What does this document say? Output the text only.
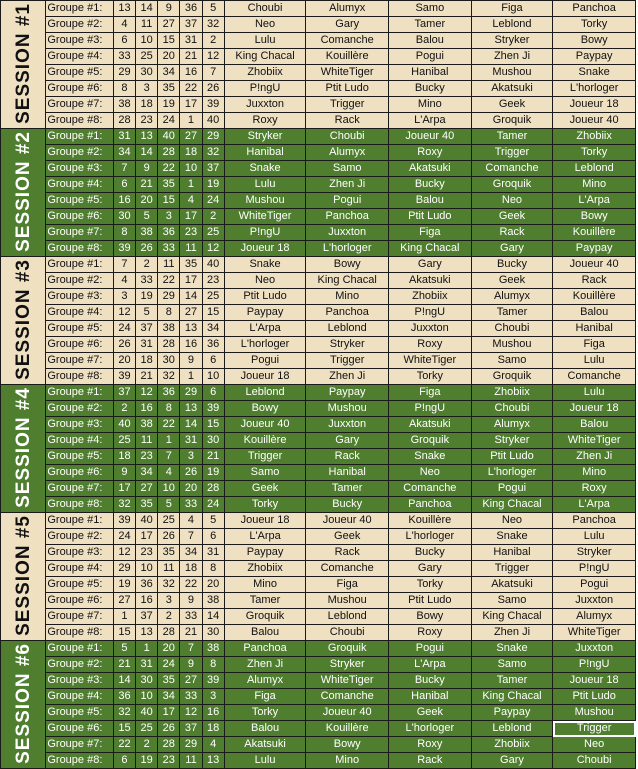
SESSION #1	Groupe #1:	13	14	9	36	5	Choubi	Alumyx	Samo	Figa	Panchoa
	Groupe #2:	4	11	27	37	32	Neo	Gary	Tamer	Leblond	Torky
	Groupe #3:	6	10	15	31	2	Lulu	Comanche	Balou	Stryker	Bowy
	Groupe #4:	33	25	20	21	12	King Chacal	Kouillère	Pogui	Zhen Ji	Paypay
	Groupe #5:	29	30	34	16	7	Zhobiix	WhiteTiger	Hanibal	Mushou	Snake
	Groupe #6:	8	3	35	22	26	P!ngU	Ptit Ludo	Bucky	Akatsuki	L'horloger
	Groupe #7:	38	18	19	17	39	Juxxton	Trigger	Mino	Geek	Joueur 18
	Groupe #8:	28	23	24	1	40	Roxy	Rack	L'Arpa	Groquik	Joueur 40
SESSION #2	Groupe #1:	31	13	40	27	29	Stryker	Choubi	Joueur 40	Tamer	Zhobiix
	Groupe #2:	34	14	28	18	32	Hanibal	Alumyx	Roxy	Trigger	Torky
	Groupe #3:	7	9	22	10	37	Snake	Samo	Akatsuki	Comanche	Leblond
	Groupe #4:	6	21	35	1	19	Lulu	Zhen Ji	Bucky	Groquik	Mino
	Groupe #5:	16	20	15	4	24	Mushou	Pogui	Balou	Neo	L'Arpa
	Groupe #6:	30	5	3	17	2	WhiteTiger	Panchoa	Ptit Ludo	Geek	Bowy
	Groupe #7:	8	38	36	23	25	P!ngU	Juxxton	Figa	Rack	Kouillère
	Groupe #8:	39	26	33	11	12	Joueur 18	L'horloger	King Chacal	Gary	Paypay
SESSION #3	Groupe #1:	7	2	11	35	40	Snake	Bowy	Gary	Bucky	Joueur 40
	Groupe #2:	4	33	22	17	23	Neo	King Chacal	Akatsuki	Geek	Rack
	Groupe #3:	3	19	29	14	25	Ptit Ludo	Mino	Zhobiix	Alumyx	Kouillère
	Groupe #4:	12	5	8	27	15	Paypay	Panchoa	P!ngU	Tamer	Balou
	Groupe #5:	24	37	38	13	34	L'Arpa	Leblond	Juxxton	Choubi	Hanibal
	Groupe #6:	26	31	28	16	36	L'horloger	Stryker	Roxy	Mushou	Figa
	Groupe #7:	20	18	30	9	6	Pogui	Trigger	WhiteTiger	Samo	Lulu
	Groupe #8:	39	21	32	1	10	Joueur 18	Zhen Ji	Torky	Groquik	Comanche
SESSION #4	Groupe #1:	37	12	36	29	6	Leblond	Paypay	Figa	Zhobiix	Lulu
	Groupe #2:	2	16	8	13	39	Bowy	Mushou	P!ngU	Choubi	Joueur 18
	Groupe #3:	40	38	22	14	15	Joueur 40	Juxxton	Akatsuki	Alumyx	Balou
	Groupe #4:	25	11	1	31	30	Kouillère	Gary	Groquik	Stryker	WhiteTiger
	Groupe #5:	18	23	7	3	21	Trigger	Rack	Snake	Ptit Ludo	Zhen Ji
	Groupe #6:	9	34	4	26	19	Samo	Hanibal	Neo	L'horloger	Mino
	Groupe #7:	17	27	10	20	28	Geek	Tamer	Comanche	Pogui	Roxy
	Groupe #8:	32	35	5	33	24	Torky	Bucky	Panchoa	King Chacal	L'Arpa
SESSION #5	Groupe #1:	39	40	25	4	5	Joueur 18	Joueur 40	Kouillère	Neo	Panchoa
	Groupe #2:	24	17	26	7	6	L'Arpa	Geek	L'horloger	Snake	Lulu
	Groupe #3:	12	23	35	34	31	Paypay	Rack	Bucky	Hanibal	Stryker
	Groupe #4:	29	10	11	18	8	Zhobiix	Comanche	Gary	Trigger	P!ngU
	Groupe #5:	19	36	32	22	20	Mino	Figa	Torky	Akatsuki	Pogui
	Groupe #6:	27	16	3	9	38	Tamer	Mushou	Ptit Ludo	Samo	Juxxton
	Groupe #7:	1	37	2	33	14	Groquik	Leblond	Bowy	King Chacal	Alumyx
	Groupe #8:	15	13	28	21	30	Balou	Choubi	Roxy	Zhen Ji	WhiteTiger
SESSION #6	Groupe #1:	5	1	20	7	38	Panchoa	Groquik	Pogui	Snake	Juxxton
	Groupe #2:	21	31	24	9	8	Zhen Ji	Stryker	L'Arpa	Samo	P!ngU
	Groupe #3:	14	30	35	27	39	Alumyx	WhiteTiger	Bucky	Tamer	Joueur 18
	Groupe #4:	36	10	34	33	3	Figa	Comanche	Hanibal	King Chacal	Ptit Ludo
	Groupe #5:	32	40	17	12	16	Torky	Joueur 40	Geek	Paypay	Mushou
	Groupe #6:	15	25	26	37	18	Balou	Kouillère	L'horloger	Leblond	Trigger
	Groupe #7:	22	2	28	29	4	Akatsuki	Bowy	Roxy	Zhobiix	Neo
	Groupe #8:	6	19	23	11	13	Lulu	Mino	Rack	Gary	Choubi
